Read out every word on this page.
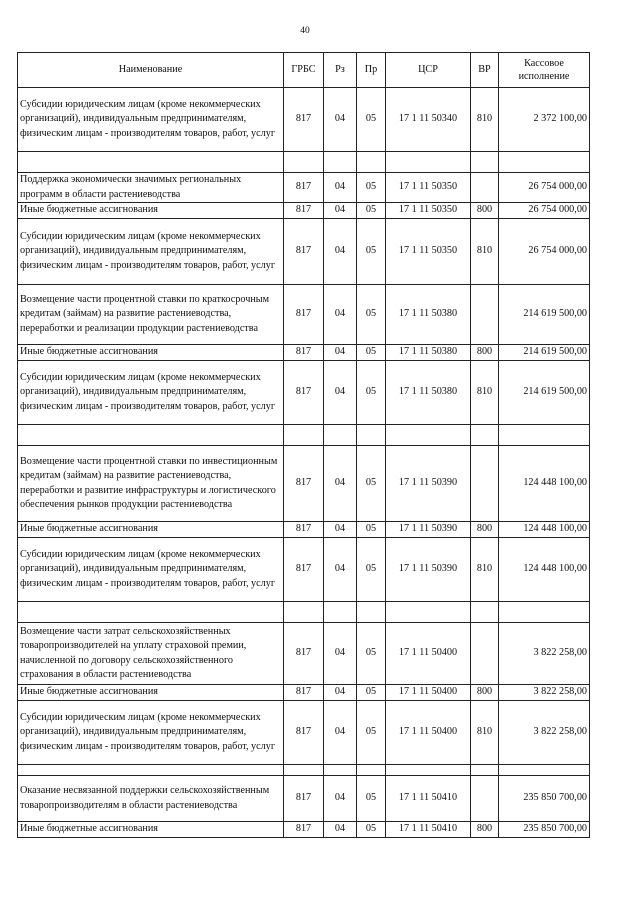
40
Наименование	ГРБС	Рз	Пр	ЦСР	ВР	Кассовое исполнение
Субсидии юридическим лицам (кроме некоммерческих организаций), индивидуальным предпринимателям, физическим лицам - производителям товаров, работ, услуг	817	04	05	17 1 11 50340	810	2 372 100,00

Поддержка экономически значимых региональных программ в области растениеводства	817	04	05	17 1 11 50350		26 754 000,00
Иные бюджетные ассигнования	817	04	05	17 1 11 50350	800	26 754 000,00
Субсидии юридическим лицам (кроме некоммерческих организаций), индивидуальным предпринимателям, физическим лицам - производителям товаров, работ, услуг	817	04	05	17 1 11 50350	810	26 754 000,00
Возмещение части процентной ставки по краткосрочным кредитам (займам) на развитие растениеводства, переработки и реализации продукции растениеводства	817	04	05	17 1 11 50380		214 619 500,00
Иные бюджетные ассигнования	817	04	05	17 1 11 50380	800	214 619 500,00
Субсидии юридическим лицам (кроме некоммерческих организаций), индивидуальным предпринимателям, физическим лицам - производителям товаров, работ, услуг	817	04	05	17 1 11 50380	810	214 619 500,00

Возмещение части процентной ставки по инвестиционным кредитам (займам) на развитие растениеводства, переработки и развитие инфраструктуры и логистического обеспечения рынков продукции растениеводства	817	04	05	17 1 11 50390		124 448 100,00
Иные бюджетные ассигнования	817	04	05	17 1 11 50390	800	124 448 100,00
Субсидии юридическим лицам (кроме некоммерческих организаций), индивидуальным предпринимателям, физическим лицам - производителям товаров, работ, услуг	817	04	05	17 1 11 50390	810	124 448 100,00

Возмещение части затрат сельскохозяйственных товаропроизводителей на уплату страховой премии, начисленной по договору сельскохозяйственного страхования в области растениеводства	817	04	05	17 1 11 50400		3 822 258,00
Иные бюджетные ассигнования	817	04	05	17 1 11 50400	800	3 822 258,00
Субсидии юридическим лицам (кроме некоммерческих организаций), индивидуальным предпринимателям, физическим лицам - производителям товаров, работ, услуг	817	04	05	17 1 11 50400	810	3 822 258,00

Оказание несвязанной поддержки сельскохозяйственным товаропроизводителям в области растениеводства	817	04	05	17 1 11 50410		235 850 700,00
Иные бюджетные ассигнования	817	04	05	17 1 11 50410	800	235 850 700,00
